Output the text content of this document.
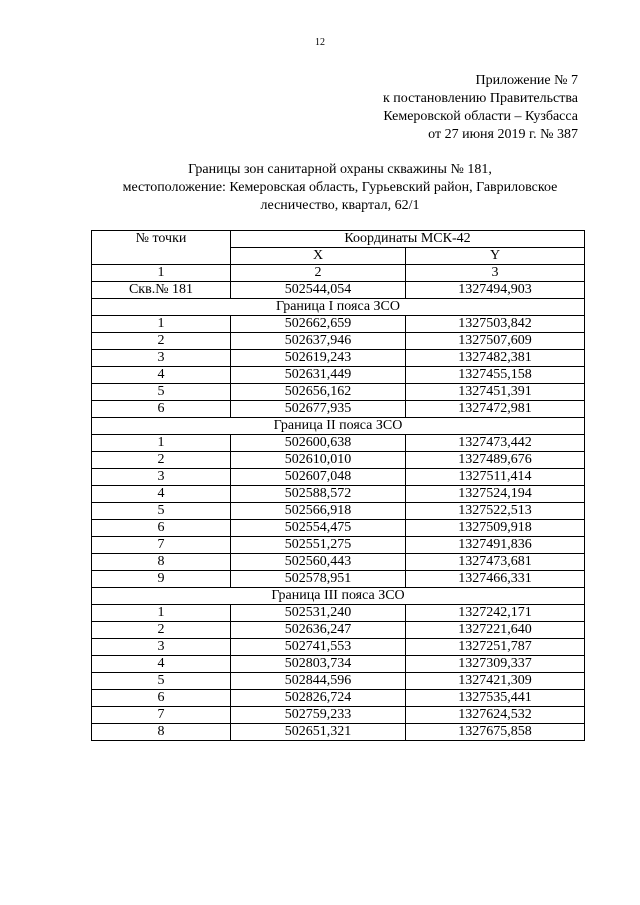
12
Приложение № 7
к постановлению Правительства
Кемеровской области – Кузбасса
от 27 июня 2019 г. № 387
Границы зон санитарной охраны скважины № 181,
местоположение: Кемеровская область, Гурьевский район, Гавриловское
лесничество, квартал, 62/1
№ точки	Координаты МСК-42	
	X	Y
1	2	3
Скв.№ 181	502544,054	1327494,903
Граница I пояса ЗСО		
1	502662,659	1327503,842
2	502637,946	1327507,609
3	502619,243	1327482,381
4	502631,449	1327455,158
5	502656,162	1327451,391
6	502677,935	1327472,981
Граница II пояса ЗСО		
1	502600,638	1327473,442
2	502610,010	1327489,676
3	502607,048	1327511,414
4	502588,572	1327524,194
5	502566,918	1327522,513
6	502554,475	1327509,918
7	502551,275	1327491,836
8	502560,443	1327473,681
9	502578,951	1327466,331
Граница III пояса ЗСО		
1	502531,240	1327242,171
2	502636,247	1327221,640
3	502741,553	1327251,787
4	502803,734	1327309,337
5	502844,596	1327421,309
6	502826,724	1327535,441
7	502759,233	1327624,532
8	502651,321	1327675,858
